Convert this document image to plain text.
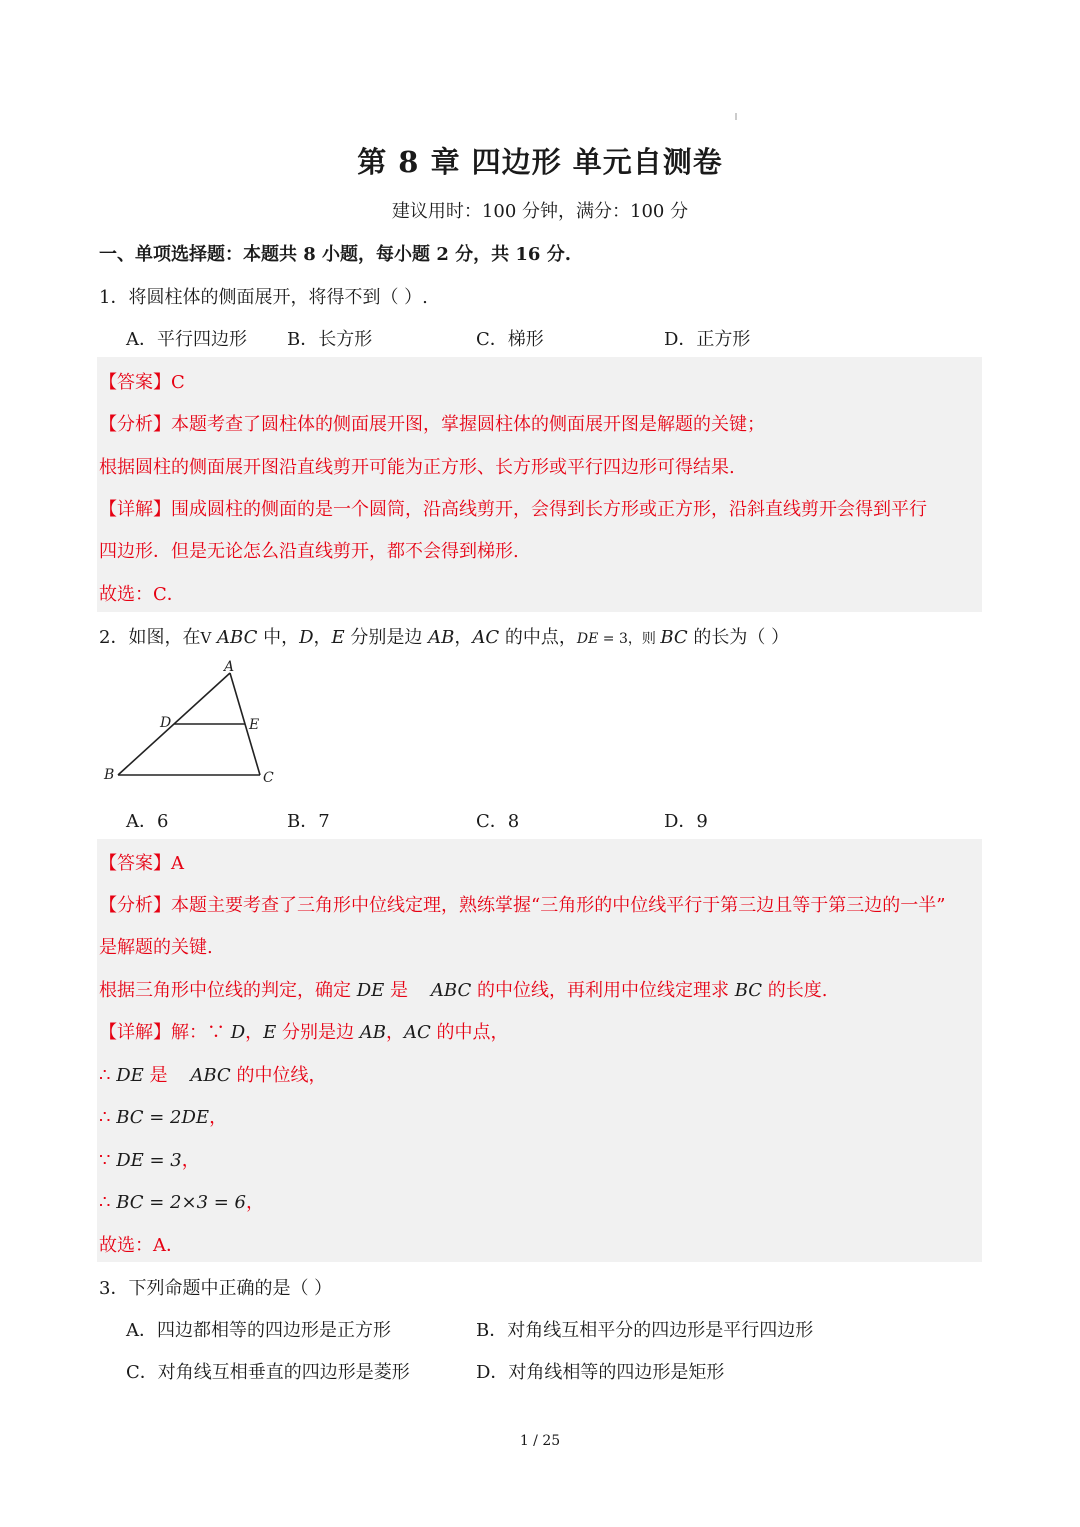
第 8 章 四边形 单元自测卷
建议用时：100 分钟，满分：100 分
一、单项选择题：本题共 8 小题，每小题 2 分，共 16 分.
1．将圆柱体的侧面展开，将得不到（ ）.
A．平行四边形 B．长方形	C．梯形	D．正方形
【答案】C
【分析】本题考查了圆柱体的侧面展开图，掌握圆柱体的侧面展开图是解题的关键；
根据圆柱的侧面展开图沿直线剪开可能为正方形、长方形或平行四边形可得结果.
【详解】围成圆柱的侧面的是一个圆筒，沿高线剪开，会得到长方形或正方形，沿斜直线剪开会得到平行
四边形．但是无论怎么沿直线剪开，都不会得到梯形.
故选：C．
2．如图，在V ABC 中，D，E 分别是边 AB，AC 的中点，DE = 3，则 BC 的长为（ ）
A
B	C
D	E
A．6	B．7	C．8	D．9
【答案】A
【分析】本题主要考查了三角形中位线定理，熟练掌握“三角形的中位线平行于第三边且等于第三边的一半”
是解题的关键.
根据三角形中位线的判定，确定 DE 是    ABC 的中位线，再利用中位线定理求 BC 的长度.
【详解】解：∵ D，E 分别是边 AB，AC 的中点，
∴ DE 是    ABC 的中位线，
∴ BC = 2DE，
∵ DE = 3，
∴ BC = 2×3 = 6，
故选：A．
3．下列命题中正确的是（ ）
A．四边都相等的四边形是正方形	B．对角线互相平分的四边形是平行四边形
C．对角线互相垂直的四边形是菱形	D．对角线相等的四边形是矩形
1 / 25
